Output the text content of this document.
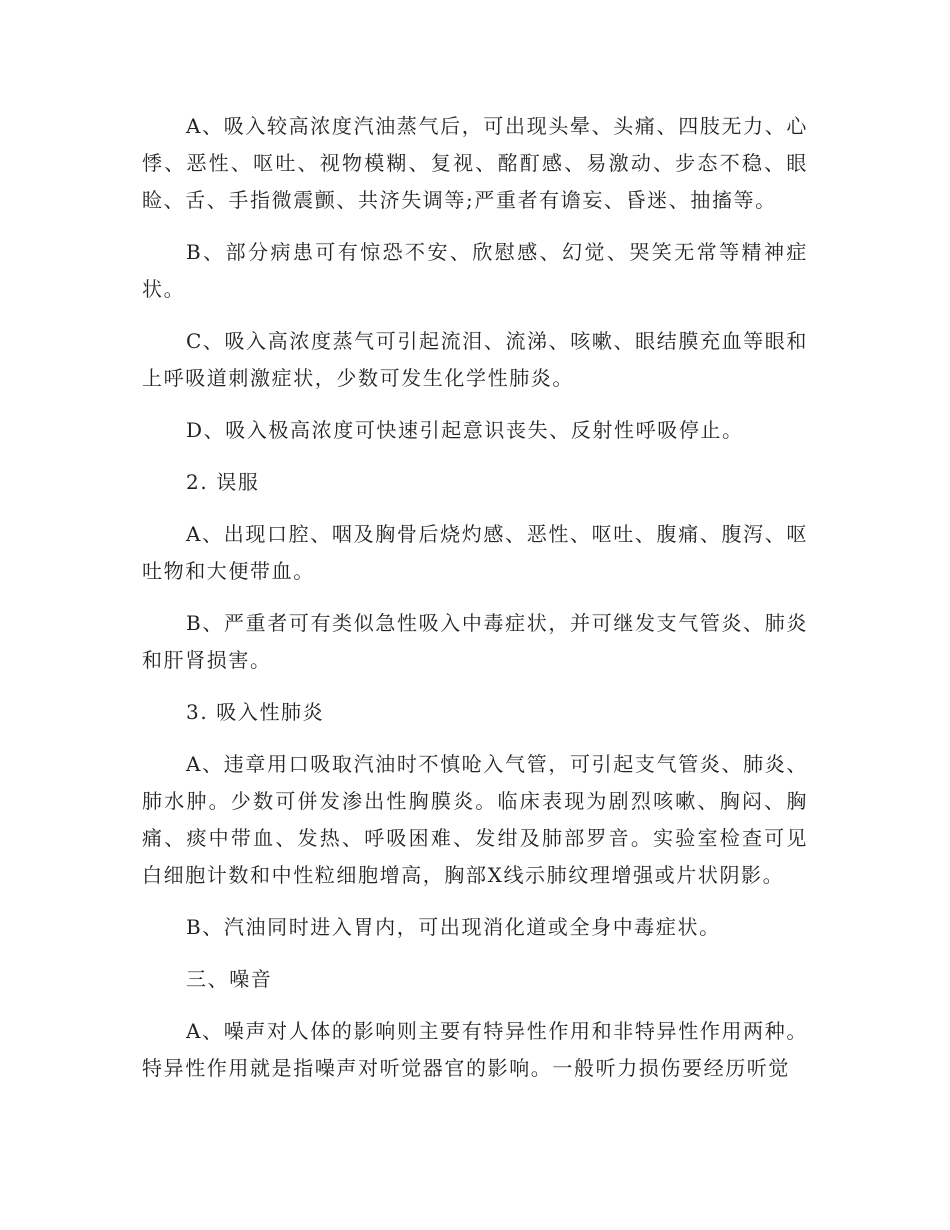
A、吸入较高浓度汽油蒸气后，可出现头晕、头痛、四肢无力、心悸、恶性、呕吐、视物模糊、复视、酩酊感、易激动、步态不稳、眼睑、舌、手指微震颤、共济失调等;严重者有谵妄、昏迷、抽搐等。

B、部分病患可有惊恐不安、欣慰感、幻觉、哭笑无常等精神症状。

C、吸入高浓度蒸气可引起流泪、流涕、咳嗽、眼结膜充血等眼和上呼吸道刺激症状，少数可发生化学性肺炎。

D、吸入极高浓度可快速引起意识丧失、反射性呼吸停止。

2. 误服

A、出现口腔、咽及胸骨后烧灼感、恶性、呕吐、腹痛、腹泻、呕吐物和大便带血。

B、严重者可有类似急性吸入中毒症状，并可继发支气管炎、肺炎和肝肾损害。

3. 吸入性肺炎

A、违章用口吸取汽油时不慎呛入气管，可引起支气管炎、肺炎、肺水肿。少数可併发渗出性胸膜炎。临床表现为剧烈咳嗽、胸闷、胸痛、痰中带血、发热、呼吸困难、发绀及肺部罗音。实验室检查可见白细胞计数和中性粒细胞增高，胸部X线示肺纹理增强或片状阴影。

B、汽油同时进入胃内，可出现消化道或全身中毒症状。

三、噪音

A、噪声对人体的影响则主要有特异性作用和非特异性作用两种。特异性作用就是指噪声对听觉器官的影响。一般听力损伤要经历听觉
